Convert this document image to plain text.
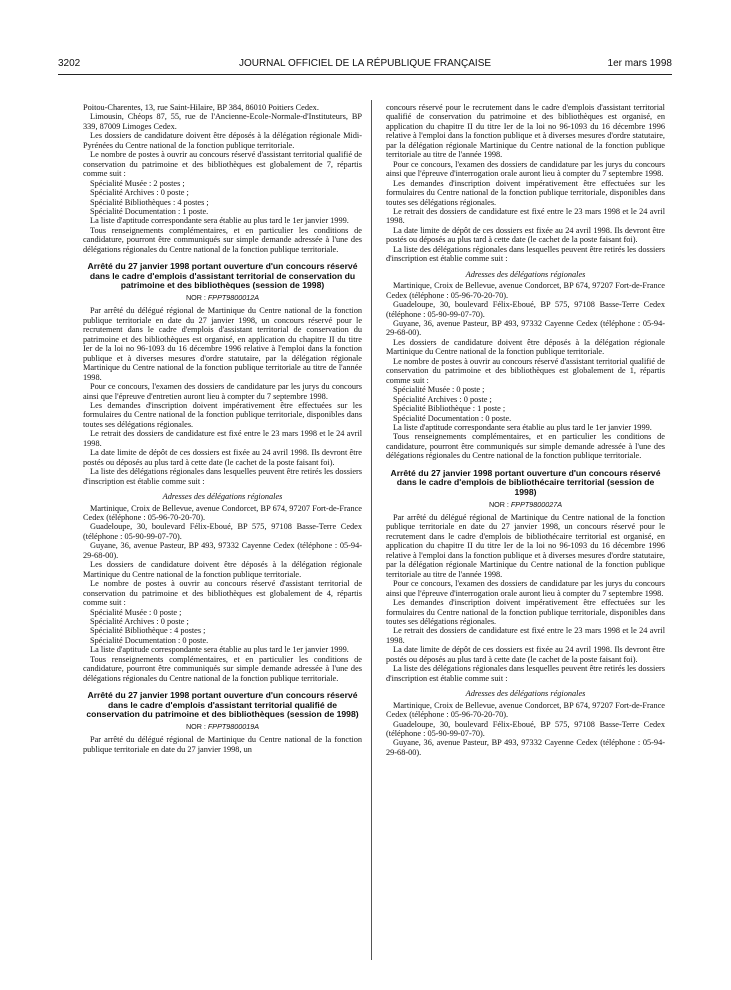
3202	JOURNAL OFFICIEL DE LA RÉPUBLIQUE FRANÇAISE	1er mars 1998

Poitou-Charentes, 13, rue Saint-Hilaire, BP 384, 86010 Poitiers Cedex.

Limousin, Chéops 87, 55, rue de l'Ancienne-Ecole-Normale-d'Instituteurs, BP 339, 87009 Limoges Cedex.

Les dossiers de candidature doivent être déposés à la délégation régionale Midi-Pyrénées du Centre national de la fonction publique territoriale.

Le nombre de postes à ouvrir au concours réservé d'assistant territorial qualifié de conservation du patrimoine et des bibliothèques est globalement de 7, répartis comme suit :

Spécialité Musée : 2 postes ;

Spécialité Archives : 0 poste ;

Spécialité Bibliothèques : 4 postes ;

Spécialité Documentation : 1 poste.

La liste d'aptitude correspondante sera établie au plus tard le 1er janvier 1999.

Tous renseignements complémentaires, et en particulier les conditions de candidature, pourront être communiqués sur simple demande adressée à l'une des délégations régionales du Centre national de la fonction publique territoriale.

Arrêté du 27 janvier 1998 portant ouverture d'un concours réservé dans le cadre d'emplois d'assistant territorial de conservation du patrimoine et des bibliothèques (session de 1998)

NOR : FPPT9800012A

Par arrêté du délégué régional de Martinique du Centre national de la fonction publique territoriale en date du 27 janvier 1998, un concours réservé pour le recrutement dans le cadre d'emplois d'assistant territorial de conservation du patrimoine et des bibliothèques est organisé, en application du chapitre II du titre Ier de la loi no 96-1093 du 16 décembre 1996 relative à l'emploi dans la fonction publique et à diverses mesures d'ordre statutaire, par la délégation régionale Martinique du Centre national de la fonction publique territoriale au titre de l'année 1998.

Pour ce concours, l'examen des dossiers de candidature par les jurys du concours ainsi que l'épreuve d'entretien auront lieu à compter du 7 septembre 1998.

Les demandes d'inscription doivent impérativement être effectuées sur les formulaires du Centre national de la fonction publique territoriale, disponibles dans toutes ses délégations régionales.

Le retrait des dossiers de candidature est fixé entre le 23 mars 1998 et le 24 avril 1998.

La date limite de dépôt de ces dossiers est fixée au 24 avril 1998. Ils devront être postés ou déposés au plus tard à cette date (le cachet de la poste faisant foi).

La liste des délégations régionales dans lesquelles peuvent être retirés les dossiers d'inscription est établie comme suit :

Adresses des délégations régionales

Martinique, Croix de Bellevue, avenue Condorcet, BP 674, 97207 Fort-de-France Cedex (téléphone : 05-96-70-20-70).

Guadeloupe, 30, boulevard Félix-Eboué, BP 575, 97108 Basse-Terre Cedex (téléphone : 05-90-99-07-70).

Guyane, 36, avenue Pasteur, BP 493, 97332 Cayenne Cedex (téléphone : 05-94-29-68-00).

Les dossiers de candidature doivent être déposés à la délégation régionale Martinique du Centre national de la fonction publique territoriale.

Le nombre de postes à ouvrir au concours réservé d'assistant territorial de conservation du patrimoine et des bibliothèques est globalement de 4, répartis comme suit :

Spécialité Musée : 0 poste ;

Spécialité Archives : 0 poste ;

Spécialité Bibliothèque : 4 postes ;

Spécialité Documentation : 0 poste.

La liste d'aptitude correspondante sera établie au plus tard le 1er janvier 1999.

Tous renseignements complémentaires, et en particulier les conditions de candidature, pourront être communiqués sur simple demande adressée à l'une des délégations régionales du Centre national de la fonction publique territoriale.

Arrêté du 27 janvier 1998 portant ouverture d'un concours réservé dans le cadre d'emplois d'assistant territorial qualifié de conservation du patrimoine et des bibliothèques (session de 1998)

NOR : FPPT9800019A

Par arrêté du délégué régional de Martinique du Centre national de la fonction publique territoriale en date du 27 janvier 1998, un

concours réservé pour le recrutement dans le cadre d'emplois d'assistant territorial qualifié de conservation du patrimoine et des bibliothèques est organisé, en application du chapitre II du titre Ier de la loi no 96-1093 du 16 décembre 1996 relative à l'emploi dans la fonction publique et à diverses mesures d'ordre statutaire, par la délégation régionale Martinique du Centre national de la fonction publique territoriale au titre de l'année 1998.

Pour ce concours, l'examen des dossiers de candidature par les jurys du concours ainsi que l'épreuve d'interrogation orale auront lieu à compter du 7 septembre 1998.

Les demandes d'inscription doivent impérativement être effectuées sur les formulaires du Centre national de la fonction publique territoriale, disponibles dans toutes ses délégations régionales.

Le retrait des dossiers de candidature est fixé entre le 23 mars 1998 et le 24 avril 1998.

La date limite de dépôt de ces dossiers est fixée au 24 avril 1998. Ils devront être postés ou déposés au plus tard à cette date (le cachet de la poste faisant foi).

La liste des délégations régionales dans lesquelles peuvent être retirés les dossiers d'inscription est établie comme suit :

Adresses des délégations régionales

Martinique, Croix de Bellevue, avenue Condorcet, BP 674, 97207 Fort-de-France Cedex (téléphone : 05-96-70-20-70).

Guadeloupe, 30, boulevard Félix-Eboué, BP 575, 97108 Basse-Terre Cedex (téléphone : 05-90-99-07-70).

Guyane, 36, avenue Pasteur, BP 493, 97332 Cayenne Cedex (téléphone : 05-94-29-68-00).

Les dossiers de candidature doivent être déposés à la délégation régionale Martinique du Centre national de la fonction publique territoriale.

Le nombre de postes à ouvrir au concours réservé d'assistant territorial qualifié de conservation du patrimoine et des bibliothèques est globalement de 1, répartis comme suit :

Spécialité Musée : 0 poste ;

Spécialité Archives : 0 poste ;

Spécialité Bibliothèque : 1 poste ;

Spécialité Documentation : 0 poste.

La liste d'aptitude correspondante sera établie au plus tard le 1er janvier 1999.

Tous renseignements complémentaires, et en particulier les conditions de candidature, pourront être communiqués sur simple demande adressée à l'une des délégations régionales du Centre national de la fonction publique territoriale.

Arrêté du 27 janvier 1998 portant ouverture d'un concours réservé dans le cadre d'emplois de bibliothécaire territorial (session de 1998)

NOR : FPPT9800027A

Par arrêté du délégué régional de Martinique du Centre national de la fonction publique territoriale en date du 27 janvier 1998, un concours réservé pour le recrutement dans le cadre d'emplois de bibliothécaire territorial est organisé, en application du chapitre II du titre Ier de la loi no 96-1093 du 16 décembre 1996 relative à l'emploi dans la fonction publique et à diverses mesures d'ordre statutaire, par la délégation régionale Martinique du Centre national de la fonction publique territoriale au titre de l'année 1998.

Pour ce concours, l'examen des dossiers de candidature par les jurys du concours ainsi que l'épreuve d'interrogation orale auront lieu à compter du 7 septembre 1998.

Les demandes d'inscription doivent impérativement être effectuées sur les formulaires du Centre national de la fonction publique territoriale, disponibles dans toutes ses délégations régionales.

Le retrait des dossiers de candidature est fixé entre le 23 mars 1998 et le 24 avril 1998.

La date limite de dépôt de ces dossiers est fixée au 24 avril 1998. Ils devront être postés ou déposés au plus tard à cette date (le cachet de la poste faisant foi).

La liste des délégations régionales dans lesquelles peuvent être retirés les dossiers d'inscription est établie comme suit :

Adresses des délégations régionales

Martinique, Croix de Bellevue, avenue Condorcet, BP 674, 97207 Fort-de-France Cedex (téléphone : 05-96-70-20-70).

Guadeloupe, 30, boulevard Félix-Eboué, BP 575, 97108 Basse-Terre Cedex (téléphone : 05-90-99-07-70).

Guyane, 36, avenue Pasteur, BP 493, 97332 Cayenne Cedex (téléphone : 05-94-29-68-00).
